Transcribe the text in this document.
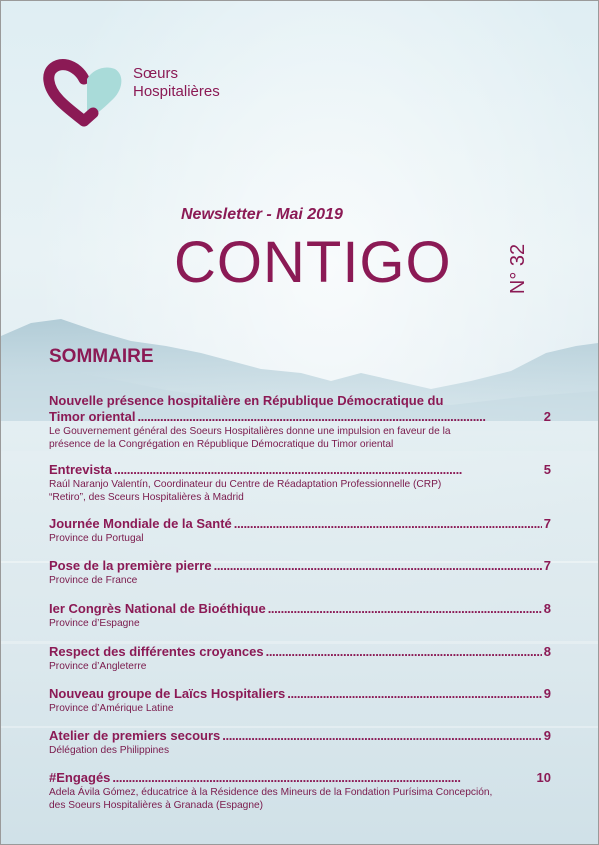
Sœurs
Hospitalières
Newsletter - Mai 2019
CONTIGO	N° 32
SOMMAIRE
Nouvelle présence hospitalière en République Démocratique du
Timor oriental . . .	2
Le Gouvernement général des Soeurs Hospitalières donne une impulsion en faveur de la
présence de la Congrégation en République Démocratique du Timor oriental
Entrevista . . .	5
Raúl Naranjo Valentín, Coordinateur du Centre de Réadaptation Professionnelle (CRP)
“Retiro”, des Sceurs Hospitalières à Madrid
Journée Mondiale de la Santé . . .	7
Province du Portugal
Pose de la première pierre . . .	7
Province de France
Ier Congrès National de Bioéthique . . .	8
Province d’Espagne
Respect des différentes croyances . . .	8
Province d’Angleterre
Nouveau groupe de Laïcs Hospitaliers . . .	9
Province d’Amérique Latine
Atelier de premiers secours . . .	9
Délégation des Philippines
#Engagés . . .	10
Adela Ávila Gómez, éducatrice à la Résidence des Mineurs de la Fondation Purísima Concepción,
des Soeurs Hospitalières à Granada (Espagne)
